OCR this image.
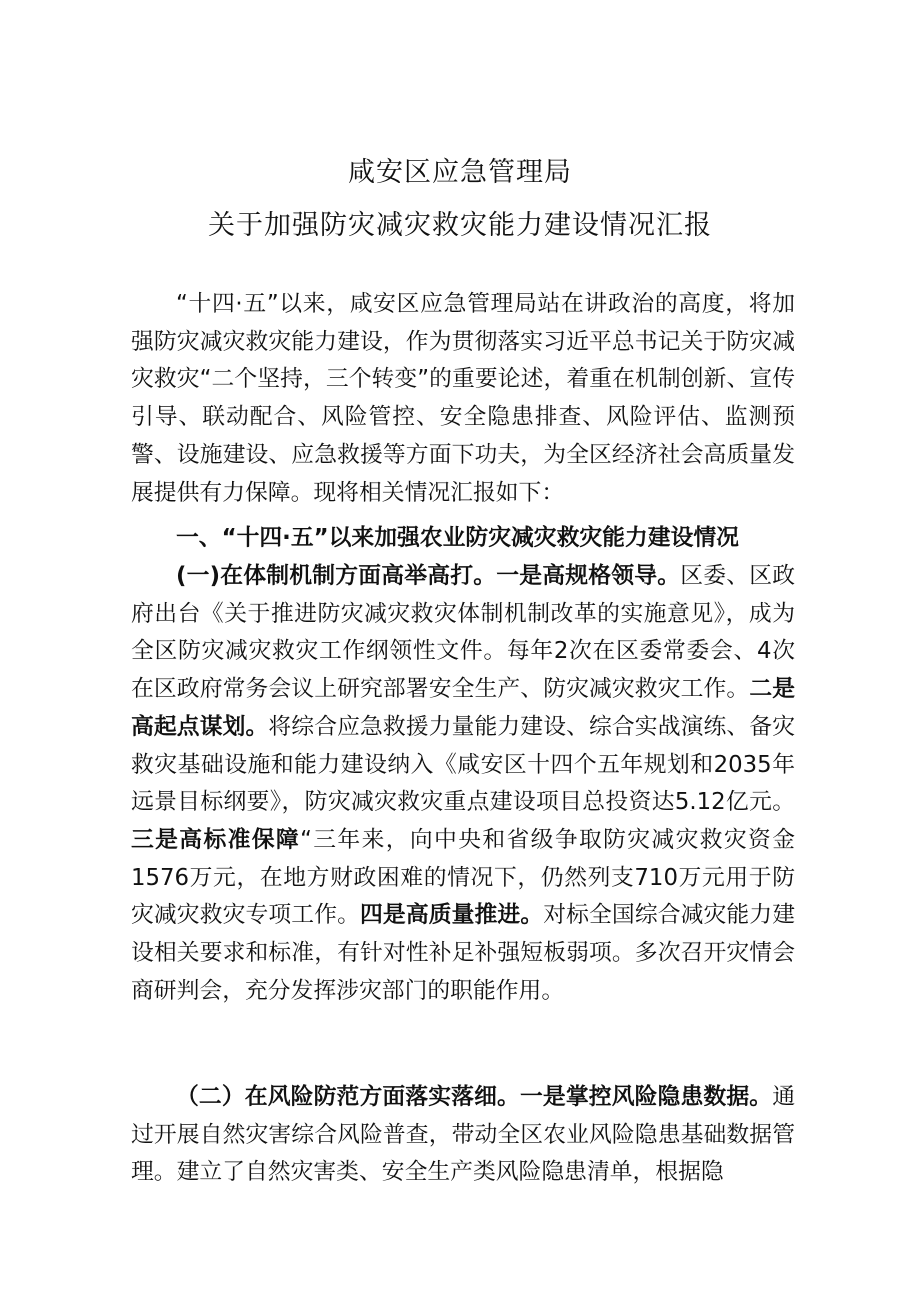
咸安区应急管理局
关于加强防灾减灾救灾能力建设情况汇报

“十四·五”以来，咸安区应急管理局站在讲政治的高度，将加强防灾减灾救灾能力建设，作为贯彻落实习近平总书记关于防灾减灾救灾“二个坚持，三个转变”的重要论述，着重在机制创新、宣传引导、联动配合、风险管控、安全隐患排查、风险评估、监测预警、设施建设、应急救援等方面下功夫，为全区经济社会高质量发展提供有力保障。现将相关情况汇报如下：

一、“十四·五”以来加强农业防灾减灾救灾能力建设情况

(一)在体制机制方面高举高打。一是高规格领导。区委、区政府出台《关于推进防灾减灾救灾体制机制改革的实施意见》，成为全区防灾减灾救灾工作纲领性文件。每年2次在区委常委会、4次在区政府常务会议上研究部署安全生产、防灾减灾救灾工作。二是高起点谋划。将综合应急救援力量能力建设、综合实战演练、备灾救灾基础设施和能力建设纳入《咸安区十四个五年规划和2035年远景目标纲要》，防灾减灾救灾重点建设项目总投资达5.12亿元。三是高标准保障“三年来，向中央和省级争取防灾减灾救灾资金1576万元，在地方财政困难的情况下，仍然列支710万元用于防灾减灾救灾专项工作。四是高质量推进。对标全国综合减灾能力建设相关要求和标准，有针对性补足补强短板弱项。多次召开灾情会商研判会，充分发挥涉灾部门的职能作用。

（二）在风险防范方面落实落细。一是掌控风险隐患数据。通过开展自然灾害综合风险普查，带动全区农业风险隐患基础数据管理。建立了自然灾害类、安全生产类风险隐患清单，根据隐
